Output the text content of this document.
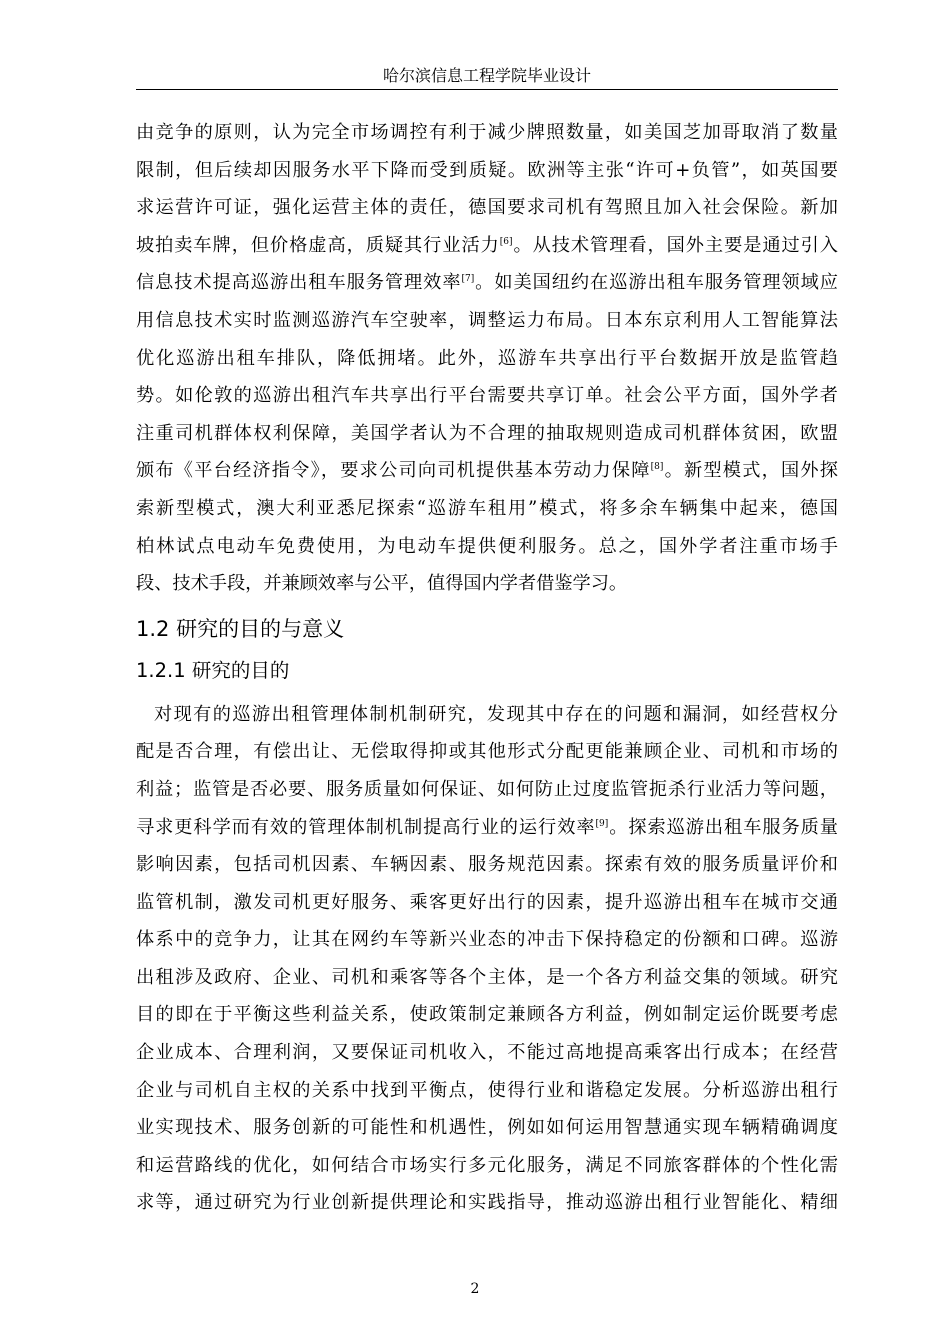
哈尔滨信息工程学院毕业设计
由竞争的原则，认为完全市场调控有利于减少牌照数量，如美国芝加哥取消了数量
限制，但后续却因服务水平下降而受到质疑。欧洲等主张“许可+负管”，如英国要
求运营许可证，强化运营主体的责任，德国要求司机有驾照且加入社会保险。新加
坡拍卖车牌，但价格虚高，质疑其行业活力[6]。从技术管理看，国外主要是通过引入
信息技术提高巡游出租车服务管理效率[7]。如美国纽约在巡游出租车服务管理领域应
用信息技术实时监测巡游汽车空驶率，调整运力布局。日本东京利用人工智能算法
优化巡游出租车排队，降低拥堵。此外，巡游车共享出行平台数据开放是监管趋
势。如伦敦的巡游出租汽车共享出行平台需要共享订单。社会公平方面，国外学者
注重司机群体权利保障，美国学者认为不合理的抽取规则造成司机群体贫困，欧盟
颁布《平台经济指令》，要求公司向司机提供基本劳动力保障[8]。新型模式，国外探
索新型模式，澳大利亚悉尼探索“巡游车租用”模式，将多余车辆集中起来，德国
柏林试点电动车免费使用，为电动车提供便利服务。总之，国外学者注重市场手
段、技术手段，并兼顾效率与公平，值得国内学者借鉴学习。
1.2 研究的目的与意义
1.2.1 研究的目的
对现有的巡游出租管理体制机制研究，发现其中存在的问题和漏洞，如经营权分
配是否合理，有偿出让、无偿取得抑或其他形式分配更能兼顾企业、司机和市场的
利益；监管是否必要、服务质量如何保证、如何防止过度监管扼杀行业活力等问题，
寻求更科学而有效的管理体制机制提高行业的运行效率[9]。探索巡游出租车服务质量
影响因素，包括司机因素、车辆因素、服务规范因素。探索有效的服务质量评价和
监管机制，激发司机更好服务、乘客更好出行的因素，提升巡游出租车在城市交通
体系中的竞争力，让其在网约车等新兴业态的冲击下保持稳定的份额和口碑。巡游
出租涉及政府、企业、司机和乘客等各个主体，是一个各方利益交集的领域。研究
目的即在于平衡这些利益关系，使政策制定兼顾各方利益，例如制定运价既要考虑
企业成本、合理利润，又要保证司机收入，不能过高地提高乘客出行成本；在经营
企业与司机自主权的关系中找到平衡点，使得行业和谐稳定发展。分析巡游出租行
业实现技术、服务创新的可能性和机遇性，例如如何运用智慧通实现车辆精确调度
和运营路线的优化，如何结合市场实行多元化服务，满足不同旅客群体的个性化需
求等，通过研究为行业创新提供理论和实践指导，推动巡游出租行业智能化、精细
2
